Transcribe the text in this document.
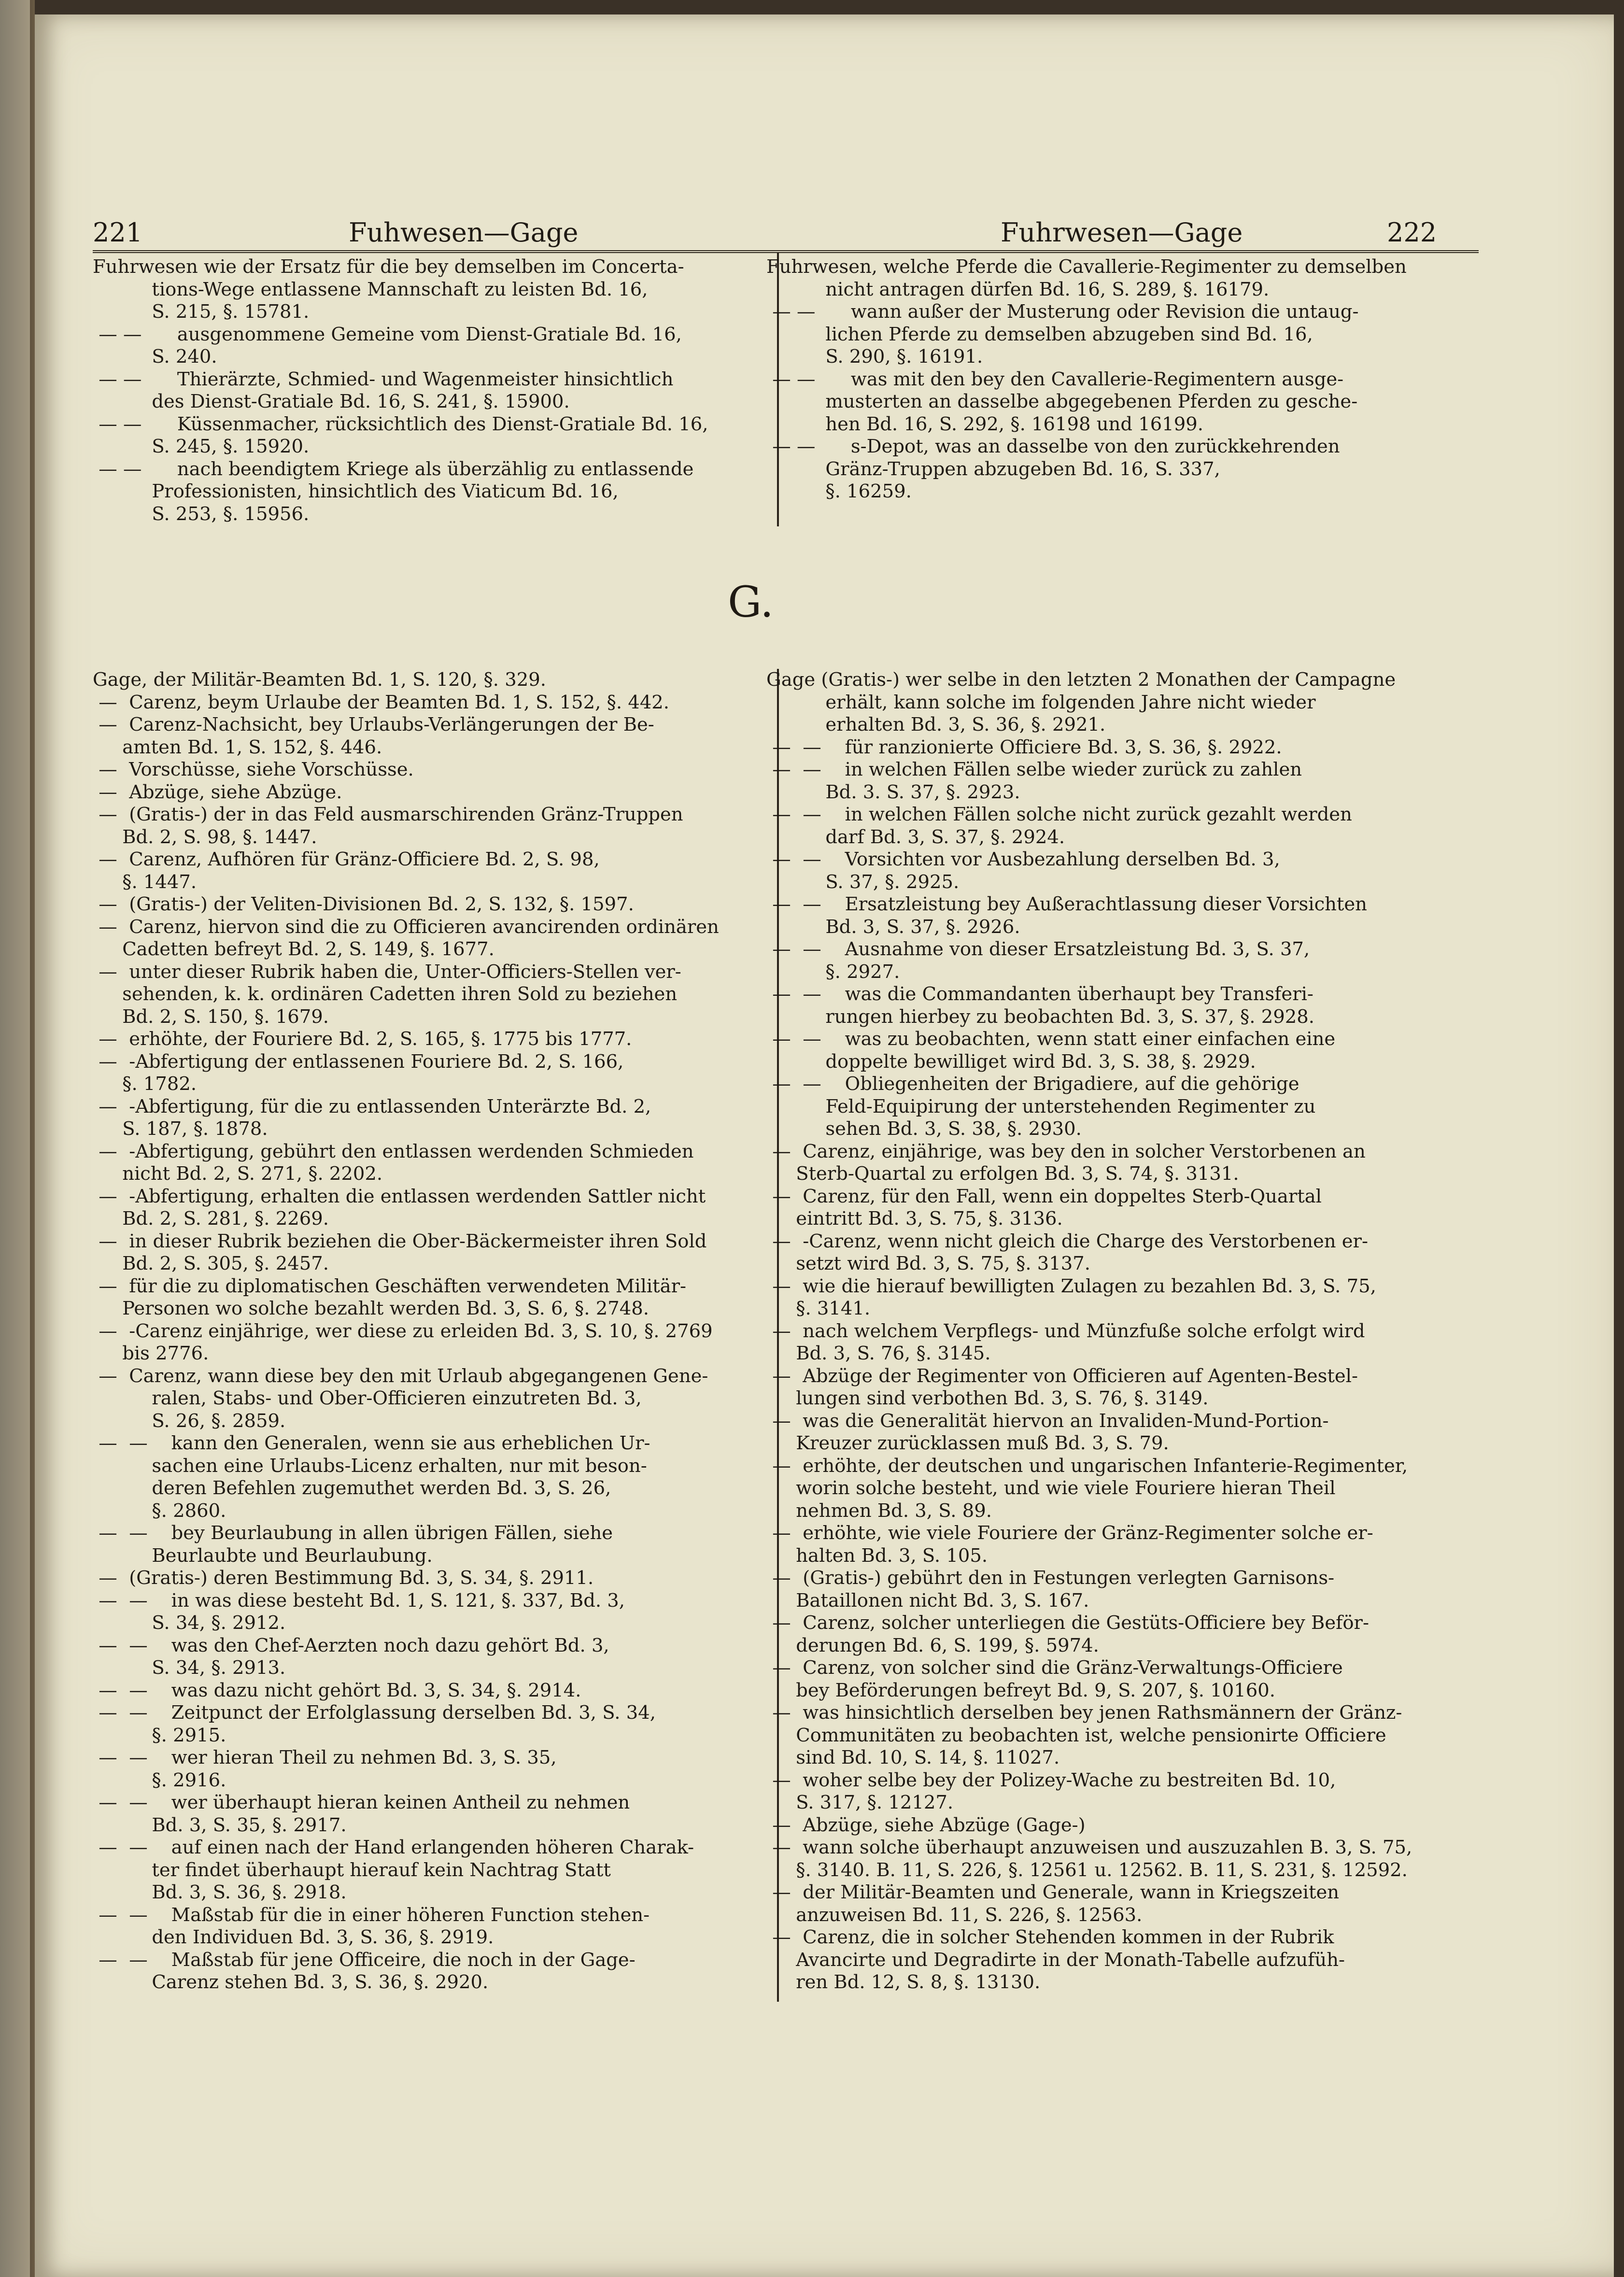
221	Fuhwesen—Gage	Fuhrwesen—Gage	222
Fuhrwesen wie der Ersatz für die bey demselben im Concerta-
tions-Wege entlassene Mannschaft zu leisten Bd. 16,
S. 215, §. 15781.
— —      ausgenommene Gemeine vom Dienst-Gratiale Bd. 16,
S. 240.
— —      Thierärzte, Schmied- und Wagenmeister hinsichtlich
des Dienst-Gratiale Bd. 16, S. 241, §. 15900.
— —      Küssenmacher, rücksichtlich des Dienst-Gratiale Bd. 16,
S. 245, §. 15920.
— —      nach beendigtem Kriege als überzählig zu entlassende
Professionisten, hinsichtlich des Viaticum Bd. 16,
S. 253, §. 15956.
Fuhrwesen, welche Pferde die Cavallerie-Regimenter zu demselben
nicht antragen dürfen Bd. 16, S. 289, §. 16179.
— —      wann außer der Musterung oder Revision die untaug-
lichen Pferde zu demselben abzugeben sind Bd. 16,
S. 290, §. 16191.
— —      was mit den bey den Cavallerie-Regimentern ausge-
musterten an dasselbe abgegebenen Pferden zu gesche-
hen Bd. 16, S. 292, §. 16198 und 16199.
— —      s-Depot, was an dasselbe von den zurückkehrenden
Gränz-Truppen abzugeben Bd. 16, S. 337,
§. 16259.
G.
Gage, der Militär-Beamten Bd. 1, S. 120, §. 329.
—  Carenz, beym Urlaube der Beamten Bd. 1, S. 152, §. 442.
—  Carenz-Nachsicht, bey Urlaubs-Verlängerungen der Be-
amten Bd. 1, S. 152, §. 446.
—  Vorschüsse, siehe Vorschüsse.
—  Abzüge, siehe Abzüge.
—  (Gratis-) der in das Feld ausmarschirenden Gränz-Truppen
Bd. 2, S. 98, §. 1447.
—  Carenz, Aufhören für Gränz-Officiere Bd. 2, S. 98,
§. 1447.
—  (Gratis-) der Veliten-Divisionen Bd. 2, S. 132, §. 1597.
—  Carenz, hiervon sind die zu Officieren avancirenden ordinären
Cadetten befreyt Bd. 2, S. 149, §. 1677.
—  unter dieser Rubrik haben die, Unter-Officiers-Stellen ver-
sehenden, k. k. ordinären Cadetten ihren Sold zu beziehen
Bd. 2, S. 150, §. 1679.
—  erhöhte, der Fouriere Bd. 2, S. 165, §. 1775 bis 1777.
—  -Abfertigung der entlassenen Fouriere Bd. 2, S. 166,
§. 1782.
—  -Abfertigung, für die zu entlassenden Unterärzte Bd. 2,
S. 187, §. 1878.
—  -Abfertigung, gebührt den entlassen werdenden Schmieden
nicht Bd. 2, S. 271, §. 2202.
—  -Abfertigung, erhalten die entlassen werdenden Sattler nicht
Bd. 2, S. 281, §. 2269.
—  in dieser Rubrik beziehen die Ober-Bäckermeister ihren Sold
Bd. 2, S. 305, §. 2457.
—  für die zu diplomatischen Geschäften verwendeten Militär-
Personen wo solche bezahlt werden Bd. 3, S. 6, §. 2748.
—  -Carenz einjährige, wer diese zu erleiden Bd. 3, S. 10, §. 2769
bis 2776.
—  Carenz, wann diese bey den mit Urlaub abgegangenen Gene-
ralen, Stabs- und Ober-Officieren einzutreten Bd. 3,
S. 26, §. 2859.
—  —    kann den Generalen, wenn sie aus erheblichen Ur-
sachen eine Urlaubs-Licenz erhalten, nur mit beson-
deren Befehlen zugemuthet werden Bd. 3, S. 26,
§. 2860.
—  —    bey Beurlaubung in allen übrigen Fällen, siehe
Beurlaubte und Beurlaubung.
—  (Gratis-) deren Bestimmung Bd. 3, S. 34, §. 2911.
—  —    in was diese besteht Bd. 1, S. 121, §. 337, Bd. 3,
S. 34, §. 2912.
—  —    was den Chef-Aerzten noch dazu gehört Bd. 3,
S. 34, §. 2913.
—  —    was dazu nicht gehört Bd. 3, S. 34, §. 2914.
—  —    Zeitpunct der Erfolglassung derselben Bd. 3, S. 34,
§. 2915.
—  —    wer hieran Theil zu nehmen Bd. 3, S. 35,
§. 2916.
—  —    wer überhaupt hieran keinen Antheil zu nehmen
Bd. 3, S. 35, §. 2917.
—  —    auf einen nach der Hand erlangenden höheren Charak-
ter findet überhaupt hierauf kein Nachtrag Statt
Bd. 3, S. 36, §. 2918.
—  —    Maßstab für die in einer höheren Function stehen-
den Individuen Bd. 3, S. 36, §. 2919.
—  —    Maßstab für jene Officeire, die noch in der Gage-
Carenz stehen Bd. 3, S. 36, §. 2920.
Gage (Gratis-) wer selbe in den letzten 2 Monathen der Campagne
erhält, kann solche im folgenden Jahre nicht wieder
erhalten Bd. 3, S. 36, §. 2921.
—  —    für ranzionierte Officiere Bd. 3, S. 36, §. 2922.
—  —    in welchen Fällen selbe wieder zurück zu zahlen
Bd. 3. S. 37, §. 2923.
—  —    in welchen Fällen solche nicht zurück gezahlt werden
darf Bd. 3, S. 37, §. 2924.
—  —    Vorsichten vor Ausbezahlung derselben Bd. 3,
S. 37, §. 2925.
—  —    Ersatzleistung bey Außerachtlassung dieser Vorsichten
Bd. 3, S. 37, §. 2926.
—  —    Ausnahme von dieser Ersatzleistung Bd. 3, S. 37,
§. 2927.
—  —    was die Commandanten überhaupt bey Transferi-
rungen hierbey zu beobachten Bd. 3, S. 37, §. 2928.
—  —    was zu beobachten, wenn statt einer einfachen eine
doppelte bewilliget wird Bd. 3, S. 38, §. 2929.
—  —    Obliegenheiten der Brigadiere, auf die gehörige
Feld-Equipirung der unterstehenden Regimenter zu
sehen Bd. 3, S. 38, §. 2930.
—  Carenz, einjährige, was bey den in solcher Verstorbenen an
Sterb-Quartal zu erfolgen Bd. 3, S. 74, §. 3131.
—  Carenz, für den Fall, wenn ein doppeltes Sterb-Quartal
eintritt Bd. 3, S. 75, §. 3136.
—  -Carenz, wenn nicht gleich die Charge des Verstorbenen er-
setzt wird Bd. 3, S. 75, §. 3137.
—  wie die hierauf bewilligten Zulagen zu bezahlen Bd. 3, S. 75,
§. 3141.
—  nach welchem Verpflegs- und Münzfuße solche erfolgt wird
Bd. 3, S. 76, §. 3145.
—  Abzüge der Regimenter von Officieren auf Agenten-Bestel-
lungen sind verbothen Bd. 3, S. 76, §. 3149.
—  was die Generalität hiervon an Invaliden-Mund-Portion-
Kreuzer zurücklassen muß Bd. 3, S. 79.
—  erhöhte, der deutschen und ungarischen Infanterie-Regimenter,
worin solche besteht, und wie viele Fouriere hieran Theil
nehmen Bd. 3, S. 89.
—  erhöhte, wie viele Fouriere der Gränz-Regimenter solche er-
halten Bd. 3, S. 105.
—  (Gratis-) gebührt den in Festungen verlegten Garnisons-
Bataillonen nicht Bd. 3, S. 167.
—  Carenz, solcher unterliegen die Gestüts-Officiere bey Beför-
derungen Bd. 6, S. 199, §. 5974.
—  Carenz, von solcher sind die Gränz-Verwaltungs-Officiere
bey Beförderungen befreyt Bd. 9, S. 207, §. 10160.
—  was hinsichtlich derselben bey jenen Rathsmännern der Gränz-
Communitäten zu beobachten ist, welche pensionirte Officiere
sind Bd. 10, S. 14, §. 11027.
—  woher selbe bey der Polizey-Wache zu bestreiten Bd. 10,
S. 317, §. 12127.
—  Abzüge, siehe Abzüge (Gage-)
—  wann solche überhaupt anzuweisen und auszuzahlen B. 3, S. 75,
§. 3140. B. 11, S. 226, §. 12561 u. 12562. B. 11, S. 231, §. 12592.
—  der Militär-Beamten und Generale, wann in Kriegszeiten
anzuweisen Bd. 11, S. 226, §. 12563.
—  Carenz, die in solcher Stehenden kommen in der Rubrik
Avancirte und Degradirte in der Monath-Tabelle aufzufüh-
ren Bd. 12, S. 8, §. 13130.
